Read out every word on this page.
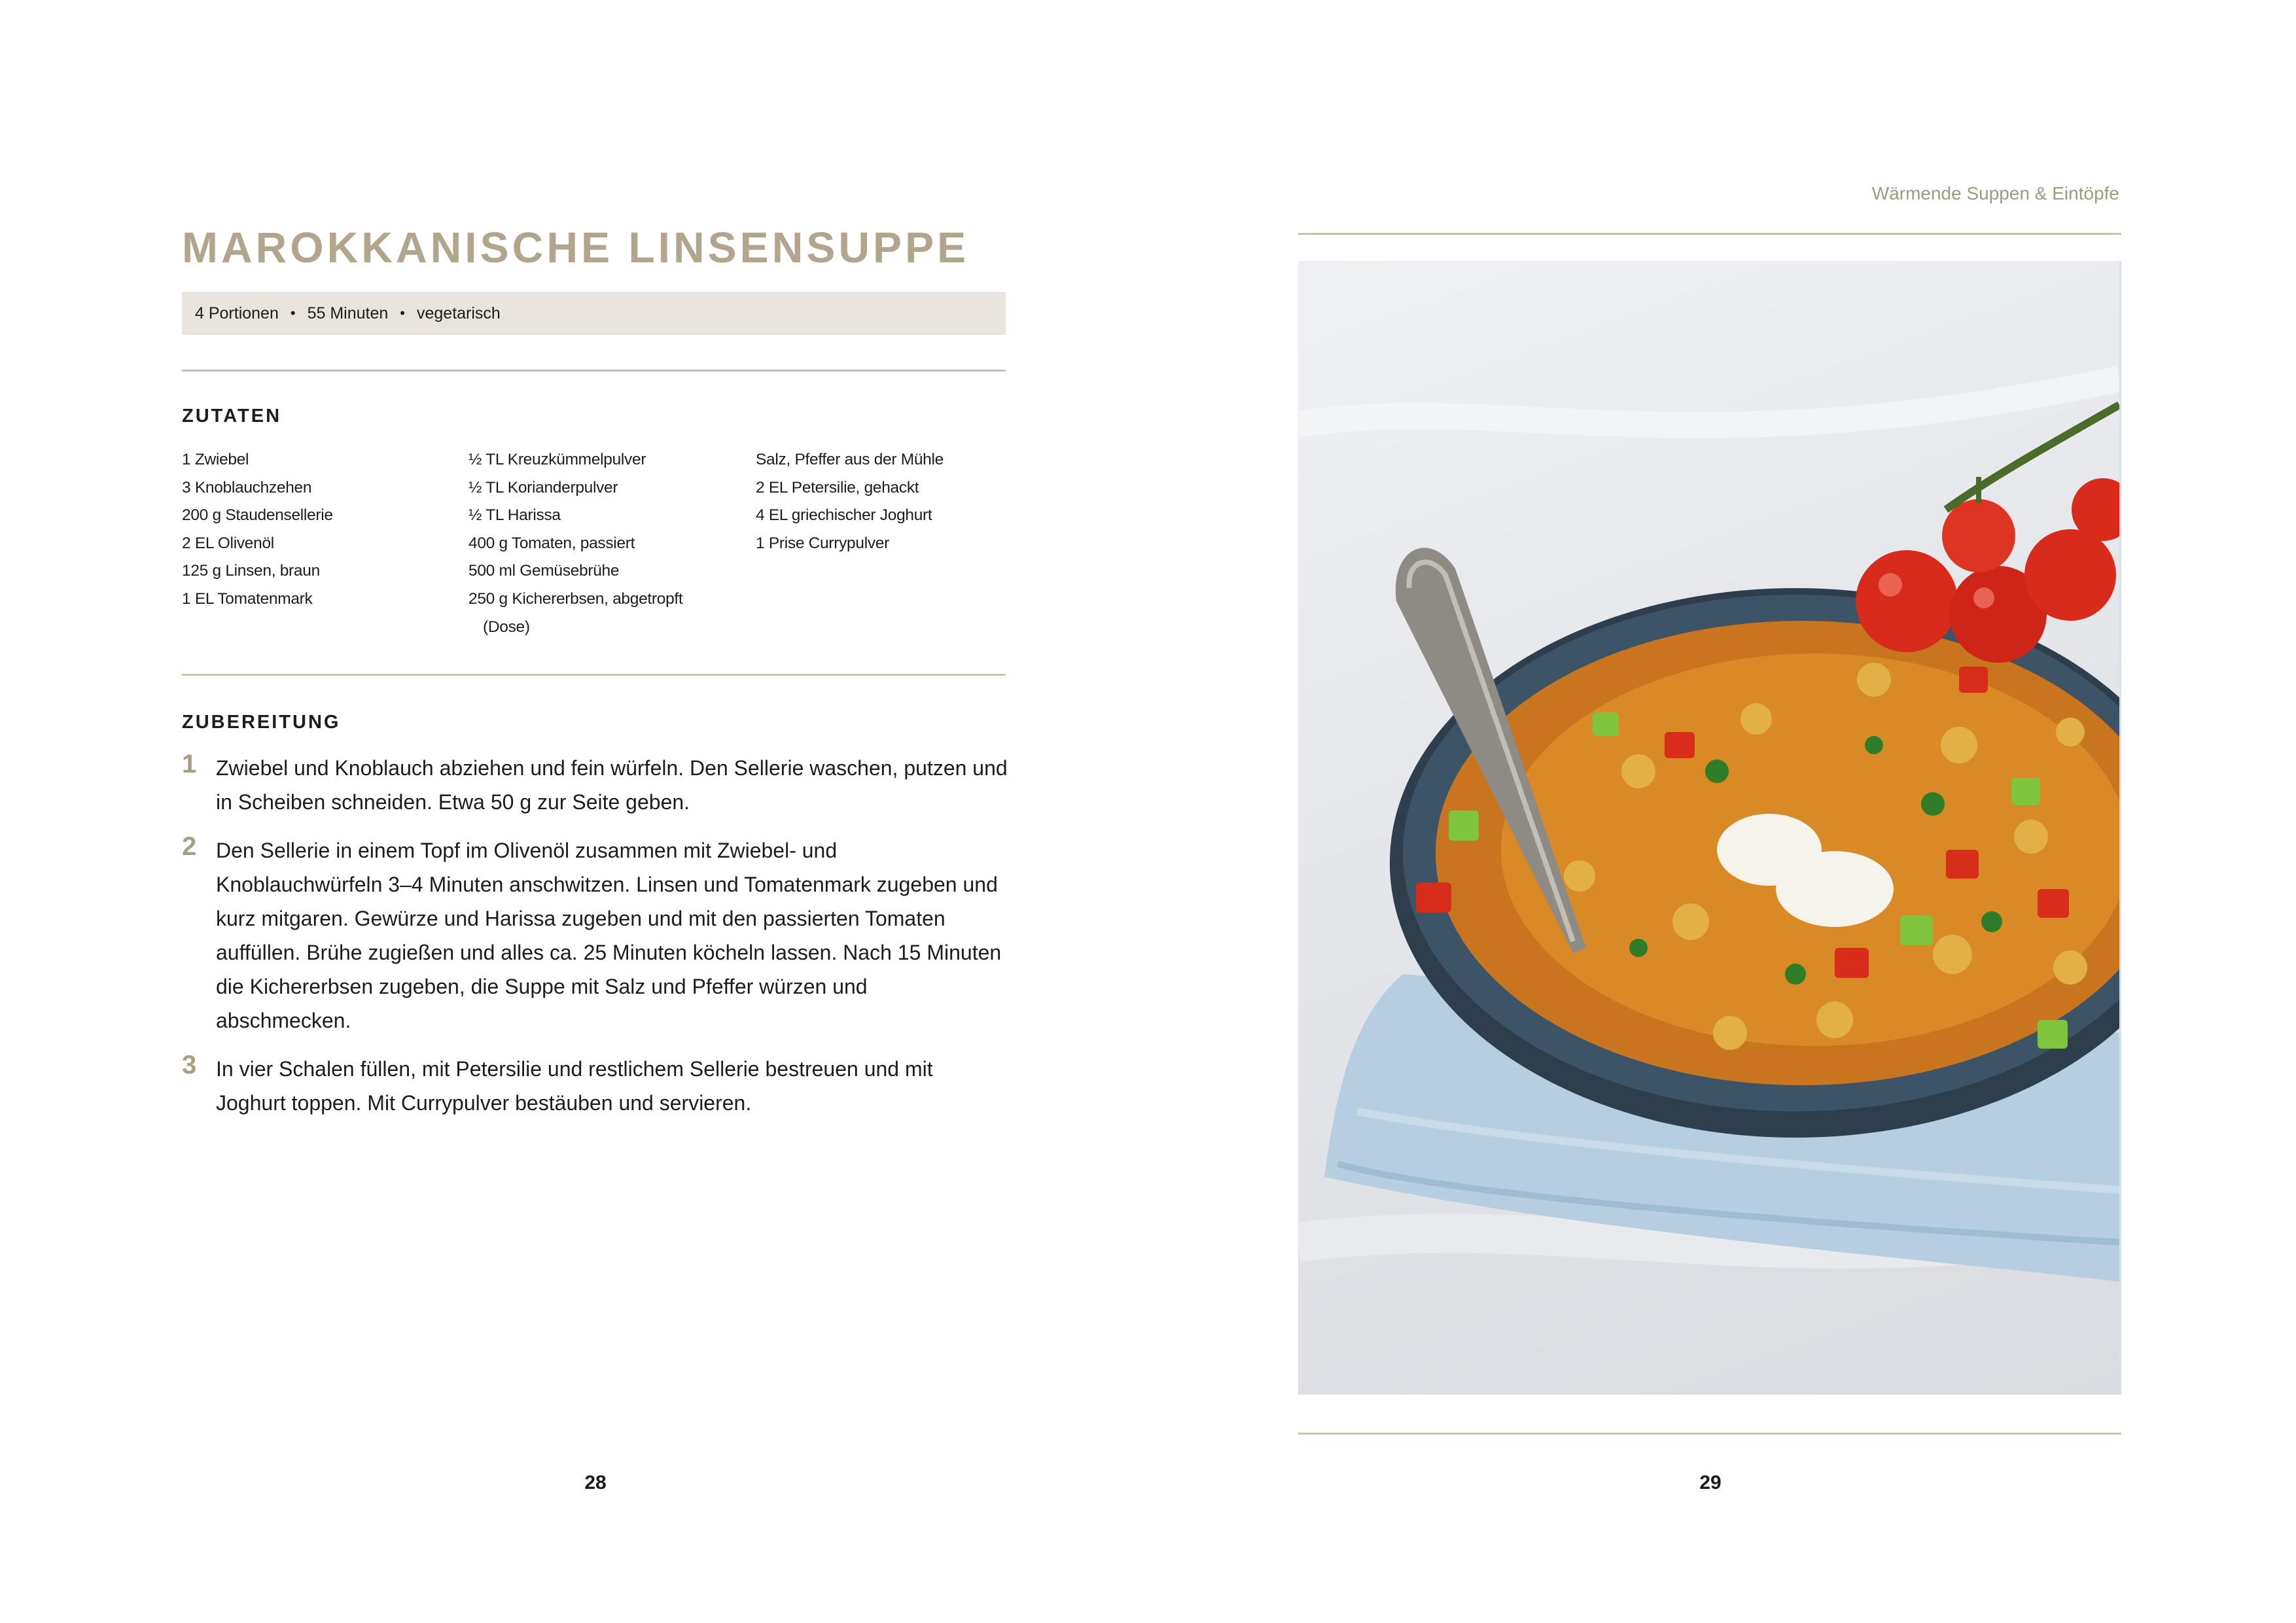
MAROKKANISCHE LINSENSUPPE
4 Portionen • 55 Minuten • vegetarisch
ZUTATEN
1 Zwiebel
3 Knoblauchzehen
200 g Staudensellerie
2 EL Olivenöl
125 g Linsen, braun
1 EL Tomatenmark
½ TL Kreuzkümmelpulver
½ TL Korianderpulver
½ TL Harissa
400 g Tomaten, passiert
500 ml Gemüsebrühe
250 g Kichererbsen, abgetropft
(Dose)
Salz, Pfeffer aus der Mühle
2 EL Petersilie, gehackt
4 EL griechischer Joghurt
1 Prise Currypulver
ZUBEREITUNG
1 Zwiebel und Knoblauch abziehen und fein würfeln. Den Sellerie waschen, putzen und in Scheiben schneiden. Etwa 50 g zur Seite geben.

2 Den Sellerie in einem Topf im Olivenöl zusammen mit Zwiebel- und Knoblauchwürfeln 3–4 Minuten anschwitzen. Linsen und Tomatenmark zugeben und kurz mitgaren. Gewürze und Harissa zugeben und mit den passierten Tomaten auffüllen. Brühe zugießen und alles ca. 25 Minuten köcheln lassen. Nach 15 Minuten die Kichererbsen zugeben, die Suppe mit Salz und Pfeffer würzen und abschmecken.

3 In vier Schalen füllen, mit Petersilie und restlichem Sellerie bestreuen und mit Joghurt toppen. Mit Currypulver bestäuben und servieren.

28
Wärmende Suppen & Eintöpfe
29
